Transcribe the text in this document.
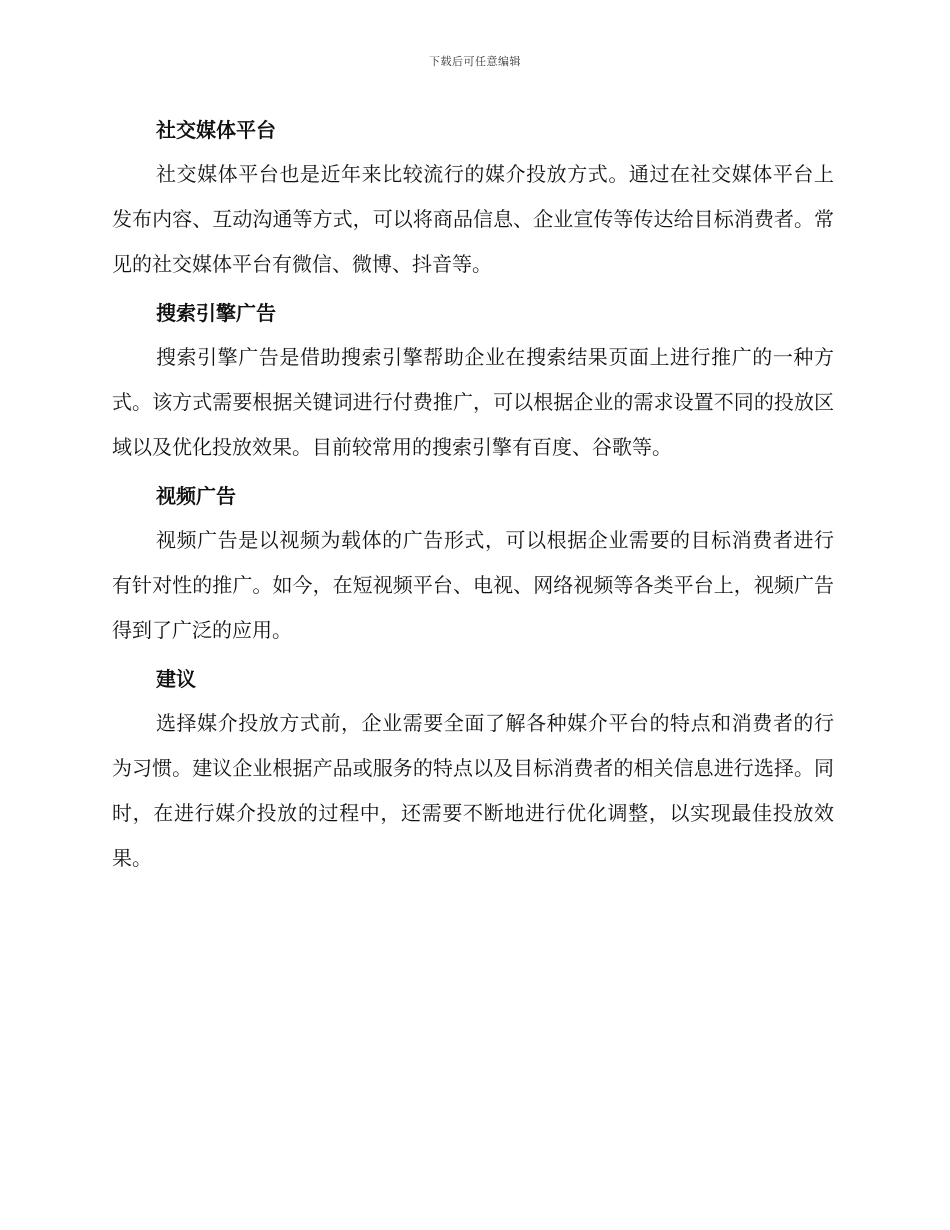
下载后可任意编辑
社交媒体平台

社交媒体平台也是近年来比较流行的媒介投放方式。通过在社交媒体平台上发布内容、互动沟通等方式，可以将商品信息、企业宣传等传达给目标消费者。常见的社交媒体平台有微信、微博、抖音等。

搜索引擎广告

搜索引擎广告是借助搜索引擎帮助企业在搜索结果页面上进行推广的一种方式。该方式需要根据关键词进行付费推广，可以根据企业的需求设置不同的投放区域以及优化投放效果。目前较常用的搜索引擎有百度、谷歌等。

视频广告

视频广告是以视频为载体的广告形式，可以根据企业需要的目标消费者进行有针对性的推广。如今，在短视频平台、电视、网络视频等各类平台上，视频广告得到了广泛的应用。

建议

选择媒介投放方式前，企业需要全面了解各种媒介平台的特点和消费者的行为习惯。建议企业根据产品或服务的特点以及目标消费者的相关信息进行选择。同时，在进行媒介投放的过程中，还需要不断地进行优化调整，以实现最佳投放效果。
